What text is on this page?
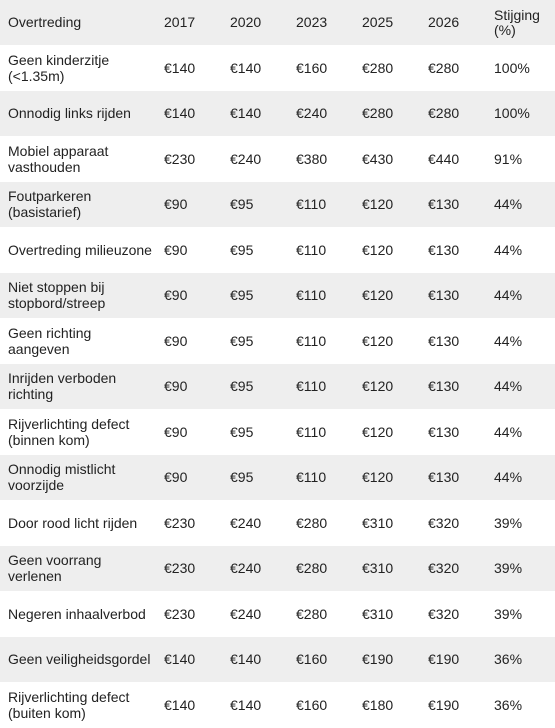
Overtreding	2017	2020	2023	2025	2026	Stijging (%)
Geen kinderzitje (<1.35m)	€140	€140	€160	€280	€280	100%
Onnodig links rijden	€140	€140	€240	€280	€280	100%
Mobiel apparaat vasthouden	€230	€240	€380	€430	€440	91%
Foutparkeren (basistarief)	€90	€95	€110	€120	€130	44%
Overtreding milieuzone	€90	€95	€110	€120	€130	44%
Niet stoppen bij stopbord/streep	€90	€95	€110	€120	€130	44%
Geen richting aangeven	€90	€95	€110	€120	€130	44%
Inrijden verboden richting	€90	€95	€110	€120	€130	44%
Rijverlichting defect (binnen kom)	€90	€95	€110	€120	€130	44%
Onnodig mistlicht voorzijde	€90	€95	€110	€120	€130	44%
Door rood licht rijden	€230	€240	€280	€310	€320	39%
Geen voorrang verlenen	€230	€240	€280	€310	€320	39%
Negeren inhaalverbod	€230	€240	€280	€310	€320	39%
Geen veiligheidsgordel	€140	€140	€160	€190	€190	36%
Rijverlichting defect (buiten kom)	€140	€140	€160	€180	€190	36%
